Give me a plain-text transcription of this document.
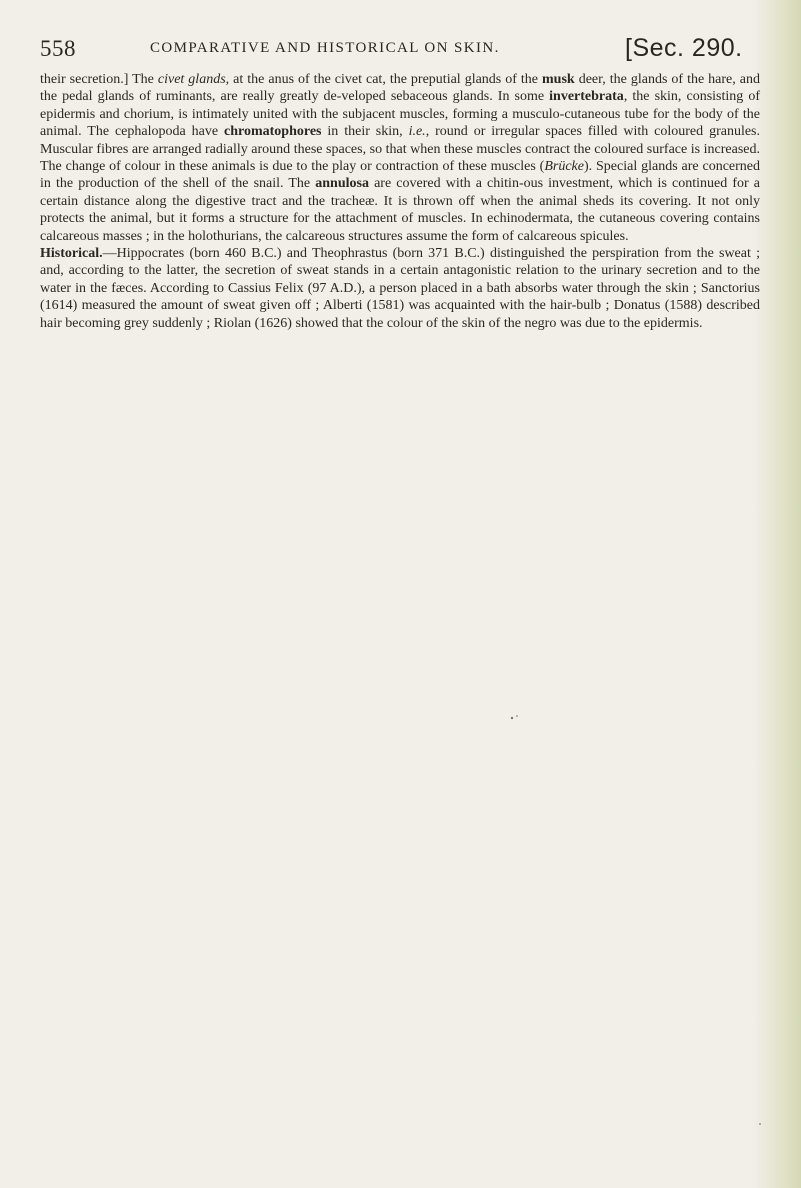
558	COMPARATIVE AND HISTORICAL ON SKIN.	[Sec. 290.

their secretion.] The civet glands, at the anus of the civet cat, the preputial glands of the musk deer, the glands of the hare, and the pedal glands of ruminants, are really greatly de-veloped sebaceous glands. In some invertebrata, the skin, consisting of epidermis and chorium, is intimately united with the subjacent muscles, forming a musculo-cutaneous tube for the body of the animal. The cephalopoda have chromatophores in their skin, i.e., round or irregular spaces filled with coloured granules. Muscular fibres are arranged radially around these spaces, so that when these muscles contract the coloured surface is increased. The change of colour in these animals is due to the play or contraction of these muscles (Brücke). Special glands are concerned in the production of the shell of the snail. The annulosa are covered with a chitin-ous investment, which is continued for a certain distance along the digestive tract and the tracheæ. It is thrown off when the animal sheds its covering. It not only protects the animal, but it forms a structure for the attachment of muscles. In echinodermata, the cutaneous covering contains calcareous masses ; in the holothurians, the calcareous structures assume the form of calcareous spicules.

Historical.—Hippocrates (born 460 B.C.) and Theophrastus (born 371 B.C.) distinguished the perspiration from the sweat ; and, according to the latter, the secretion of sweat stands in a certain antagonistic relation to the urinary secretion and to the water in the fæces. According to Cassius Felix (97 A.D.), a person placed in a bath absorbs water through the skin ; Sanctorius (1614) measured the amount of sweat given off ; Alberti (1581) was acquainted with the hair-bulb ; Donatus (1588) described hair becoming grey suddenly ; Riolan (1626) showed that the colour of the skin of the negro was due to the epidermis.
